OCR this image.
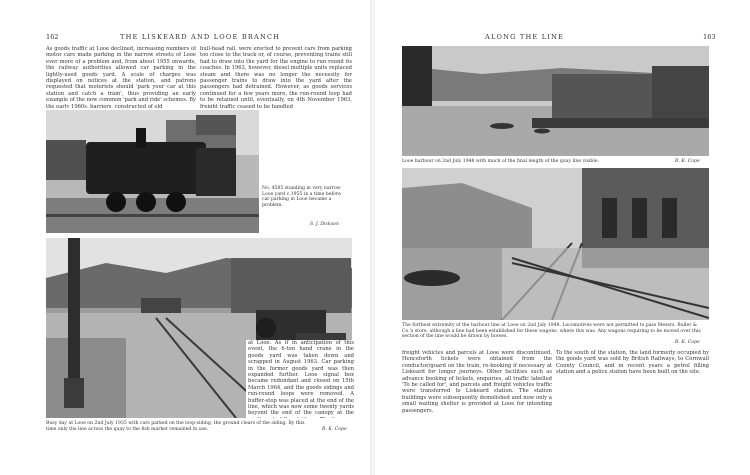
162	THE LISKEARD AND LOOE BRANCH
As goods traffic at Looe declined, increasing numbers of motor cars made parking in the narrow streets of Looe ever more of a problem and, from about 1955 onwards, the railway authorities allowed car parking in the lightly-used goods yard. A scale of charges was displayed on notices at the station, and patrons requested that motorists should 'park your car at this station and catch a train', thus providing an early example of the now common 'park and ride' schemes. By the early 1960s, barriers, constructed of old
bull-head rail, were erected to prevent cars from parking too close to the track or, of course, preventing trains still had to draw into the yard for the engine to run round its coaches. In 1963, however, diesel multiple units replaced steam and there was no longer the necessity for passenger trains to draw into the yard after the passengers had detrained. However, as goods services continued for a few years more, the run-round loop had to be retained until, eventually, on 4th November 1963, freight traffic ceased to be handled
No. 4585 standing in very narrow Looe yard c.1955 in a time before car parking in Looe became a problem.
S. J. Dickson
Busy day at Looe on 2nd July 1935 with cars parked on the loop-siding, the ground clears of the siding. By this time only the line across the quay to the fish market remained in use.	R. K. Cope
ALONG THE LINE	163
Looe harbour on 2nd July 1948 with much of the final length of the quay line visible.	R. K. Cope
The furthest extremity of the harbour line at Looe on 2nd July 1948. Locomotives were not permitted to pass Messrs. Buller & Co.'s store, although a line had been established for these wagons, where this was. Any wagons requiring to be moved over this section of the line would be drawn by horses.
R. K. Cope
at Looe. As if in anticipation of this event, the 6-ton hand crane in the goods yard was taken down and scrapped in August 1963. Car parking in the former goods yard was then expanded further. Looe signal box became redundant and closed on 15th March 1964, and the goods sidings and run-round loops were removed. A buffer-stop was placed at the end of the line, which was now some twenty yards beyond the end of the canopy at the
freight vehicles and parcels at Looe were discontinued. Henceforth tickets were obtained from the conductor/guard on the train, re-booking if necessary at Liskeard for longer journeys. Other facilities such as advance booking of tickets, enquiries, all traffic labelled 'To be called for', and parcels and freight vehicles traffic were transferred to Liskeard station. The station buildings were subsequently demolished and now only a small waiting shelter is provided at Looe for intending passengers.
To the south of the station, the land formerly occupied by the goods yard was sold by British Railways, to Cornwall County Council, and in recent years a petrol filling station and a police station have been built on the site.
